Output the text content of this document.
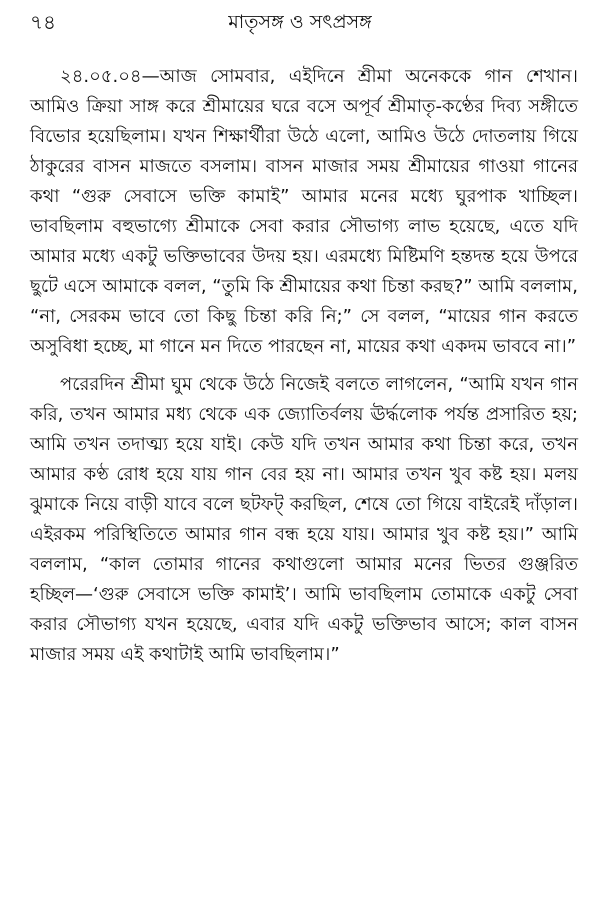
৭৪	মাতৃসঙ্গ ও সৎপ্রসঙ্গ

২৪.০৫.০৪—আজ সোমবার, এইদিনে শ্রীমা অনেককে গান শেখান। আমিও ক্রিয়া সাঙ্গ করে শ্রীমায়ের ঘরে বসে অপূর্ব শ্রীমাতৃ-কণ্ঠের দিব্য সঙ্গীতে বিভোর হয়েছিলাম। যখন শিক্ষার্থীরা উঠে এলো, আমিও উঠে দোতলায় গিয়ে ঠাকুরের বাসন মাজতে বসলাম। বাসন মাজার সময় শ্রীমায়ের গাওয়া গানের কথা “গুরু সেবাসে ভক্তি কামাই” আমার মনের মধ্যে ঘুরপাক খাচ্ছিল। ভাবছিলাম বহুভাগ্যে শ্রীমাকে সেবা করার সৌভাগ্য লাভ হয়েছে, এতে যদি আমার মধ্যে একটু ভক্তিভাবের উদয় হয়। এরমধ্যে মিষ্টিমণি হন্তদন্ত হয়ে উপরে ছুটে এসে আমাকে বলল, “তুমি কি শ্রীমায়ের কথা চিন্তা করছ?” আমি বললাম, “না, সেরকম ভাবে তো কিছু চিন্তা করি নি;” সে বলল, “মায়ের গান করতে অসুবিধা হচ্ছে, মা গানে মন দিতে পারছেন না, মায়ের কথা একদম ভাববে না।”

পরেরদিন শ্রীমা ঘুম থেকে উঠে নিজেই বলতে লাগলেন, “আমি যখন গান করি, তখন আমার মধ্য থেকে এক জ্যোতির্বলয় ঊর্দ্ধলোক পর্যন্ত প্রসারিত হয়; আমি তখন তদাত্ম্য হয়ে যাই। কেউ যদি তখন আমার কথা চিন্তা করে, তখন আমার কণ্ঠ রোধ হয়ে যায় গান বের হয় না। আমার তখন খুব কষ্ট হয়। মলয় ঝুমাকে নিয়ে বাড়ী যাবে বলে ছটফট্ করছিল, শেষে তো গিয়ে বাইরেই দাঁড়াল। এইরকম পরিস্থিতিতে আমার গান বন্ধ হয়ে যায়। আমার খুব কষ্ট হয়।” আমি বললাম, “কাল তোমার গানের কথাগুলো আমার মনের ভিতর গুঞ্জরিত হচ্ছিল—‘গুরু সেবাসে ভক্তি কামাই’। আমি ভাবছিলাম তোমাকে একটু সেবা করার সৌভাগ্য যখন হয়েছে, এবার যদি একটু ভক্তিভাব আসে; কাল বাসন মাজার সময় এই কথাটাই আমি ভাবছিলাম।”
